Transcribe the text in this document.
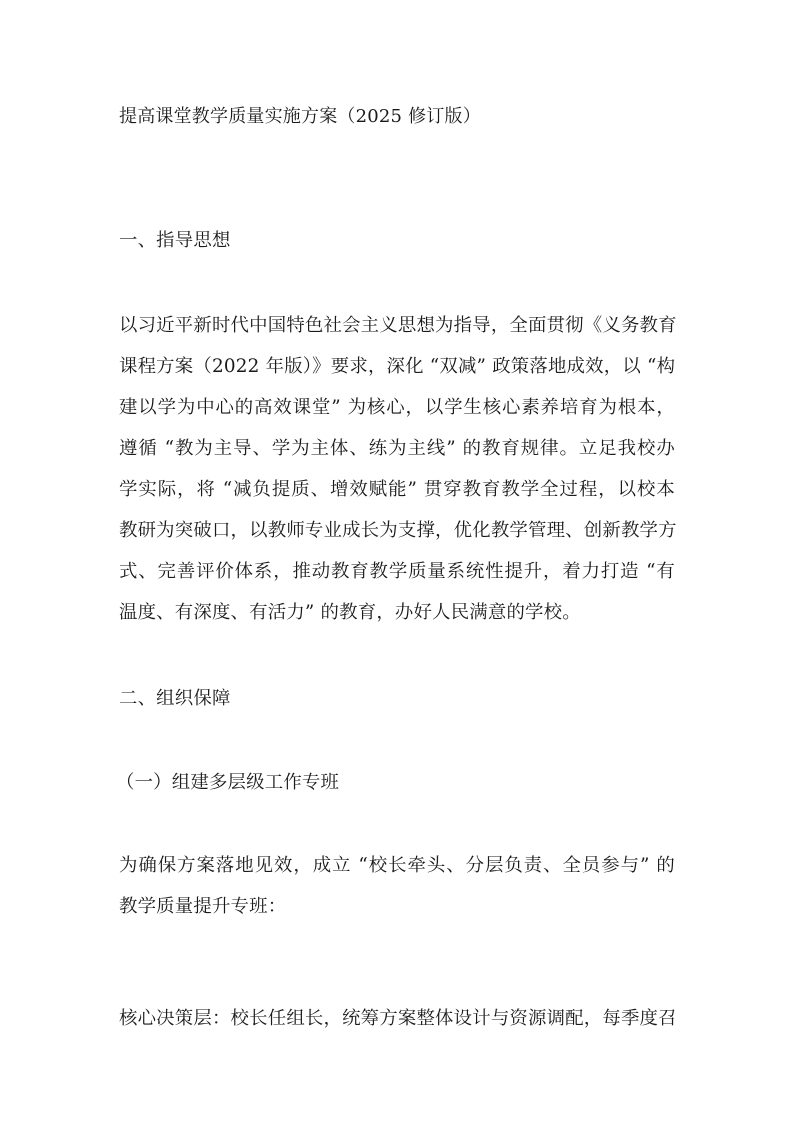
提高课堂教学质量实施方案（2025 修订版）
一、指导思想
以习近平新时代中国特色社会主义思想为指导，全面贯彻《义务教育
课程方案（2022 年版）》要求，深化 “双减” 政策落地成效，以 “构
建以学为中心的高效课堂” 为核心，以学生核心素养培育为根本，
遵循 “教为主导、学为主体、练为主线” 的教育规律。立足我校办
学实际，将 “减负提质、增效赋能” 贯穿教育教学全过程，以校本
教研为突破口，以教师专业成长为支撑，优化教学管理、创新教学方
式、完善评价体系，推动教育教学质量系统性提升，着力打造 “有
温度、有深度、有活力” 的教育，办好人民满意的学校。
二、组织保障
（一）组建多层级工作专班
为确保方案落地见效，成立 “校长牵头、分层负责、全员参与” 的
教学质量提升专班：
核心决策层：校长任组长，统筹方案整体设计与资源调配，每季度召
